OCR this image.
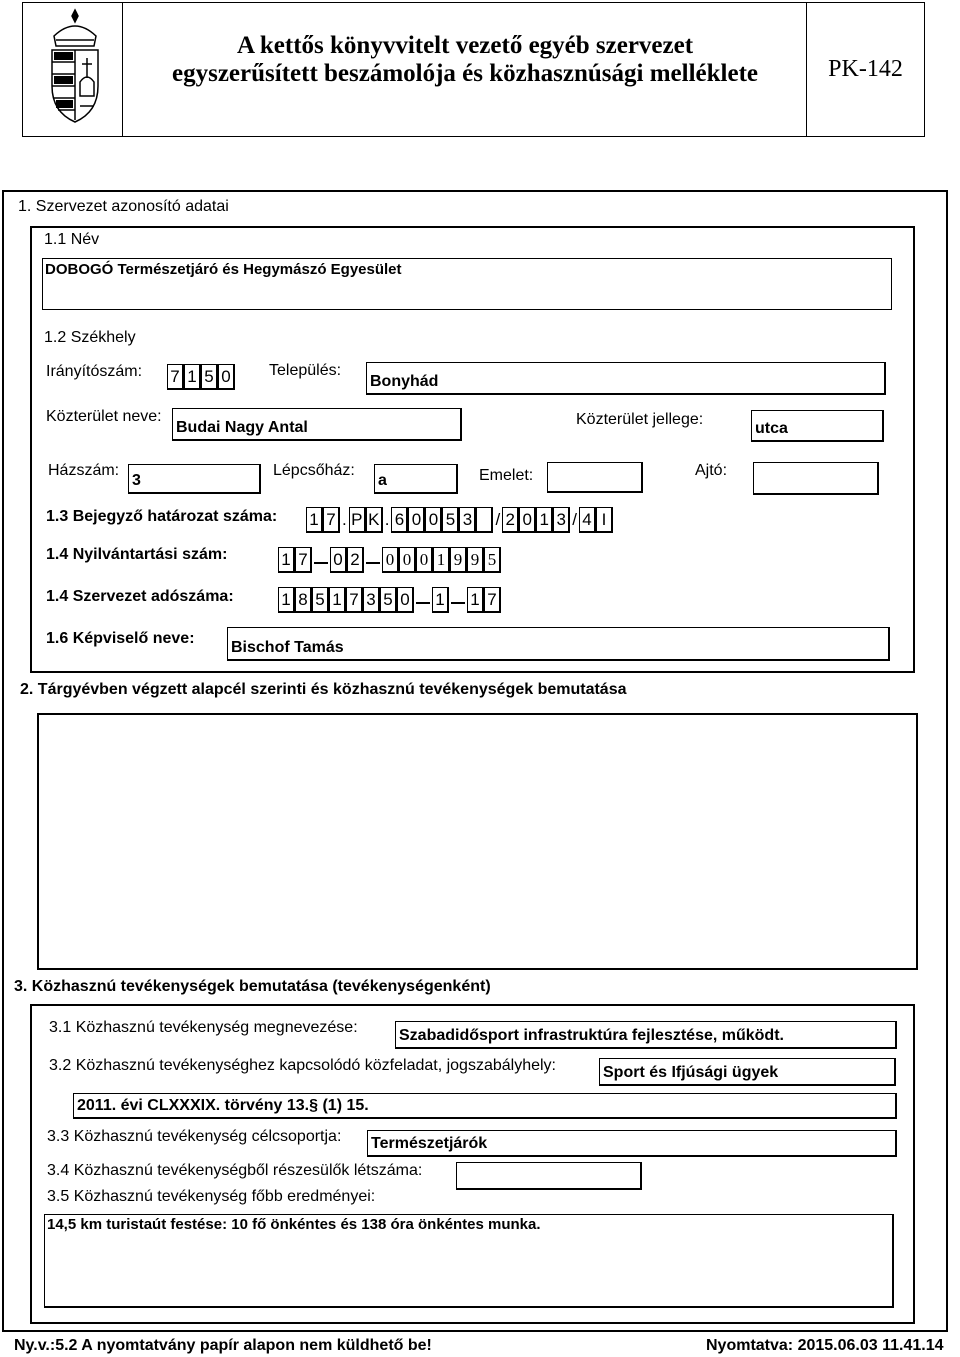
A kettős könyvvitelt vezető egyéb szervezet
egyszerűsített beszámolója és közhasznúsági melléklete	PK-142
1. Szervezet azonosító adatai
1.1 Név
DOBOGÓ Természetjáró és Hegymászó Egyesület
1.2 Székhely
Irányítószám: 7 1 5 0 Település:
Bonyhád
Közterület neve:
Budai Nagy Antal	Közterület jellege:
utca
Házszám:
3
Lépcsőház:
a	Emelet:	Ajtó:
1.3 Bejegyző határozat száma: 1 7 . P K . 6 0 0 5 3 / 2 0 1 3 / 4 I
1.4 Nyilvántartási szám:	1 7 0 2 0 0 0 1 9 9 5
1.4 Szervezet adószáma:	1 8 5 1 7 3 5 0 1 1 7
1.6 Képviselő neve:
Bischof Tamás
2. Tárgyévben végzett alapcél szerinti és közhasznú tevékenységek bemutatása
3. Közhasznú tevékenységek bemutatása (tevékenységenként)
3.1 Közhasznú tevékenység megnevezése:	Szabadidősport infrastruktúra fejlesztése, működt.
3.2 Közhasznú tevékenységhez kapcsolódó közfeladat, jogszabályhely:	Sport és Ifjúsági ügyek
2011. évi CLXXXIX. törvény 13.§ (1) 15.
3.3 Közhasznú tevékenység célcsoportja: Természetjárók
3.4 Közhasznú tevékenységből részesülők létszáma:
3.5 Közhasznú tevékenység főbb eredményei:
14,5 km turistaút festése: 10 fő önkéntes és 138 óra önkéntes munka.
Ny.v.:5.2 A nyomtatvány papír alapon nem küldhető be!	Nyomtatva: 2015.06.03 11.41.14
